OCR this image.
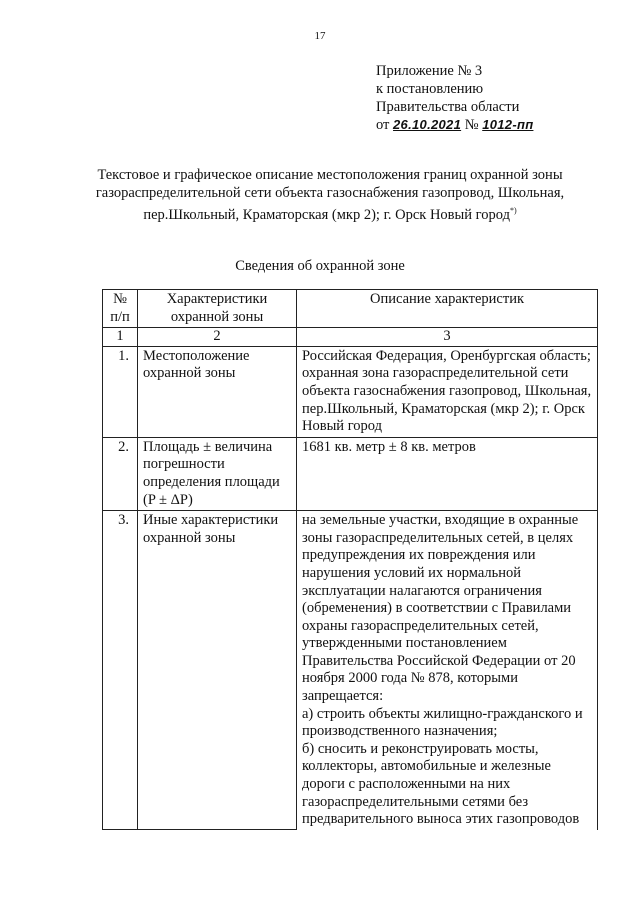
17
Приложение № 3
к постановлению
Правительства области
от 26.10.2021 № 1012-пп
Текстовое и графическое описание местоположения границ охранной зоны газораспределительной сети объекта газоснабжения газопровод, Школьная, пер.Школьный, Краматорская (мкр 2); г. Орск Новый город*)
Сведения об охранной зоне
№ п/п	Характеристики охранной зоны	Описание характеристик
1	2	3
1.	Местоположение охранной зоны	Российская Федерация, Оренбургская область; охранная зона газораспределительной сети объекта газоснабжения газопровод, Школьная, пер.Школьный, Краматорская (мкр 2); г. Орск Новый город
2.	Площадь ± величина погрешности определения площади (P ± ΔP)	1681 кв. метр ± 8 кв. метров
3.	Иные характеристики охранной зоны	на земельные участки, входящие в охранные зоны газораспределительных сетей, в целях предупреждения их повреждения или нарушения условий их нормальной эксплуатации налагаются ограничения (обременения) в соответствии с Правилами охраны газораспределительных сетей, утвержденными постановлением Правительства Российской Федерации от 20 ноября 2000 года № 878, которыми запрещается:
а) строить объекты жилищно-гражданского и производственного назначения;
б) сносить и реконструировать мосты, коллекторы, автомобильные и железные дороги с расположенными на них газораспределительными сетями без предварительного выноса этих газопроводов
